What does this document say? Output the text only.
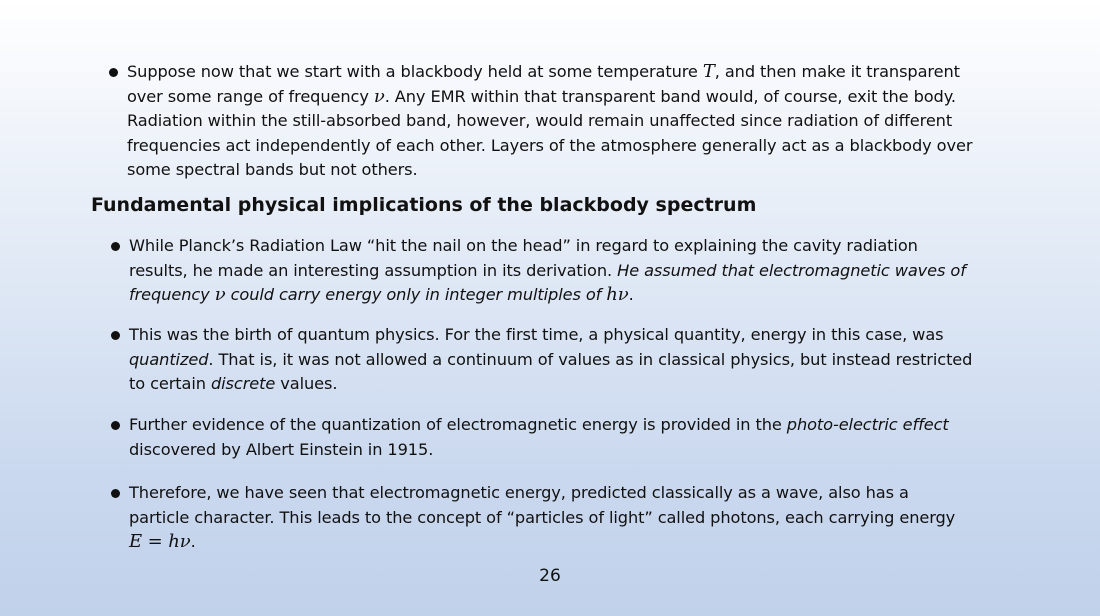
Suppose now that we start with a blackbody held at some temperature T, and then make it transparent
over some range of frequency ν. Any EMR within that transparent band would, of course, exit the body.
Radiation within the still-absorbed band, however, would remain unaffected since radiation of different
frequencies act independently of each other. Layers of the atmosphere generally act as a blackbody over
some spectral bands but not others.
Fundamental physical implications of the blackbody spectrum
While Planck’s Radiation Law “hit the nail on the head” in regard to explaining the cavity radiation
results, he made an interesting assumption in its derivation. He assumed that electromagnetic waves of
frequency ν could carry energy only in integer multiples of hν.
This was the birth of quantum physics. For the first time, a physical quantity, energy in this case, was
quantized. That is, it was not allowed a continuum of values as in classical physics, but instead restricted
to certain discrete values.
Further evidence of the quantization of electromagnetic energy is provided in the photo-electric effect
discovered by Albert Einstein in 1915.
Therefore, we have seen that electromagnetic energy, predicted classically as a wave, also has a
particle character. This leads to the concept of “particles of light” called photons, each carrying energy
E = hν.
26
